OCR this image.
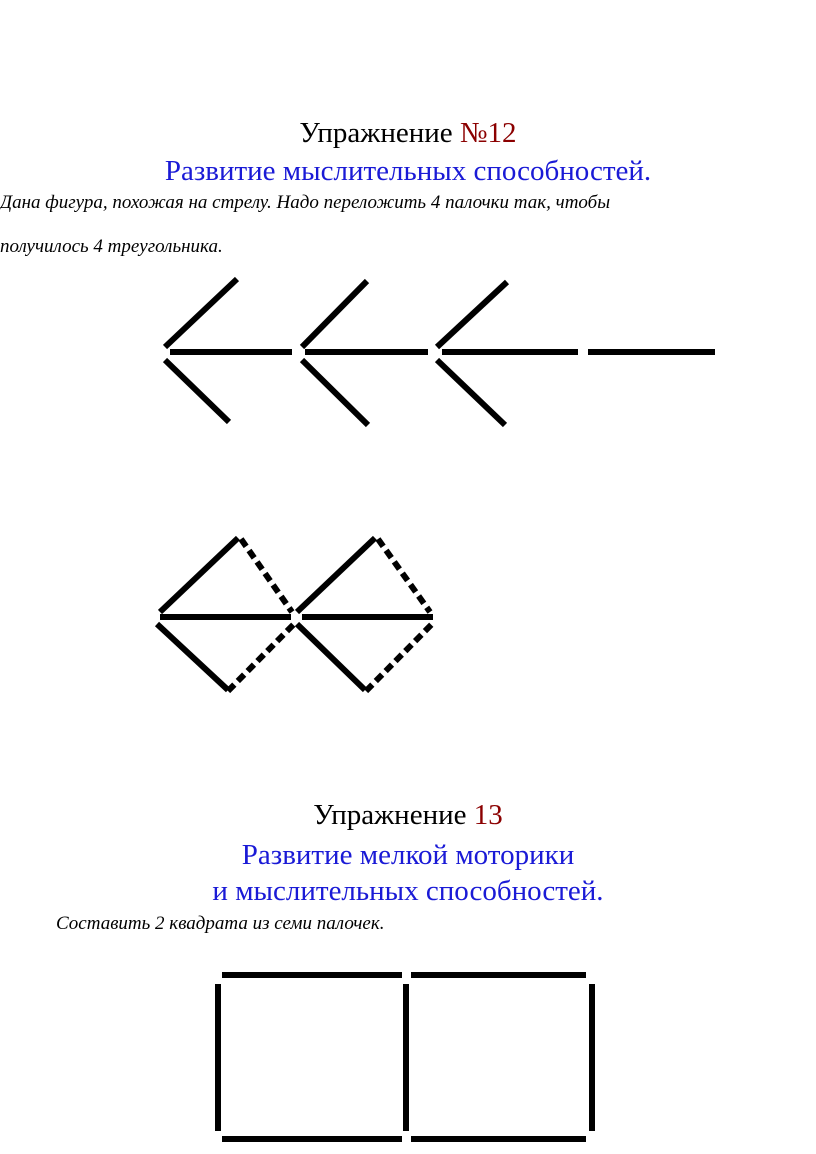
Упражнение №12
Развитие мыслительных способностей.
Дана фигура, похожая на стрелу. Надо переложить 4 палочки так, чтобы
получилось 4 треугольника.
Упражнение 13
Развитие мелкой моторики
и мыслительных способностей.
Составить 2 квадрата из семи палочек.
